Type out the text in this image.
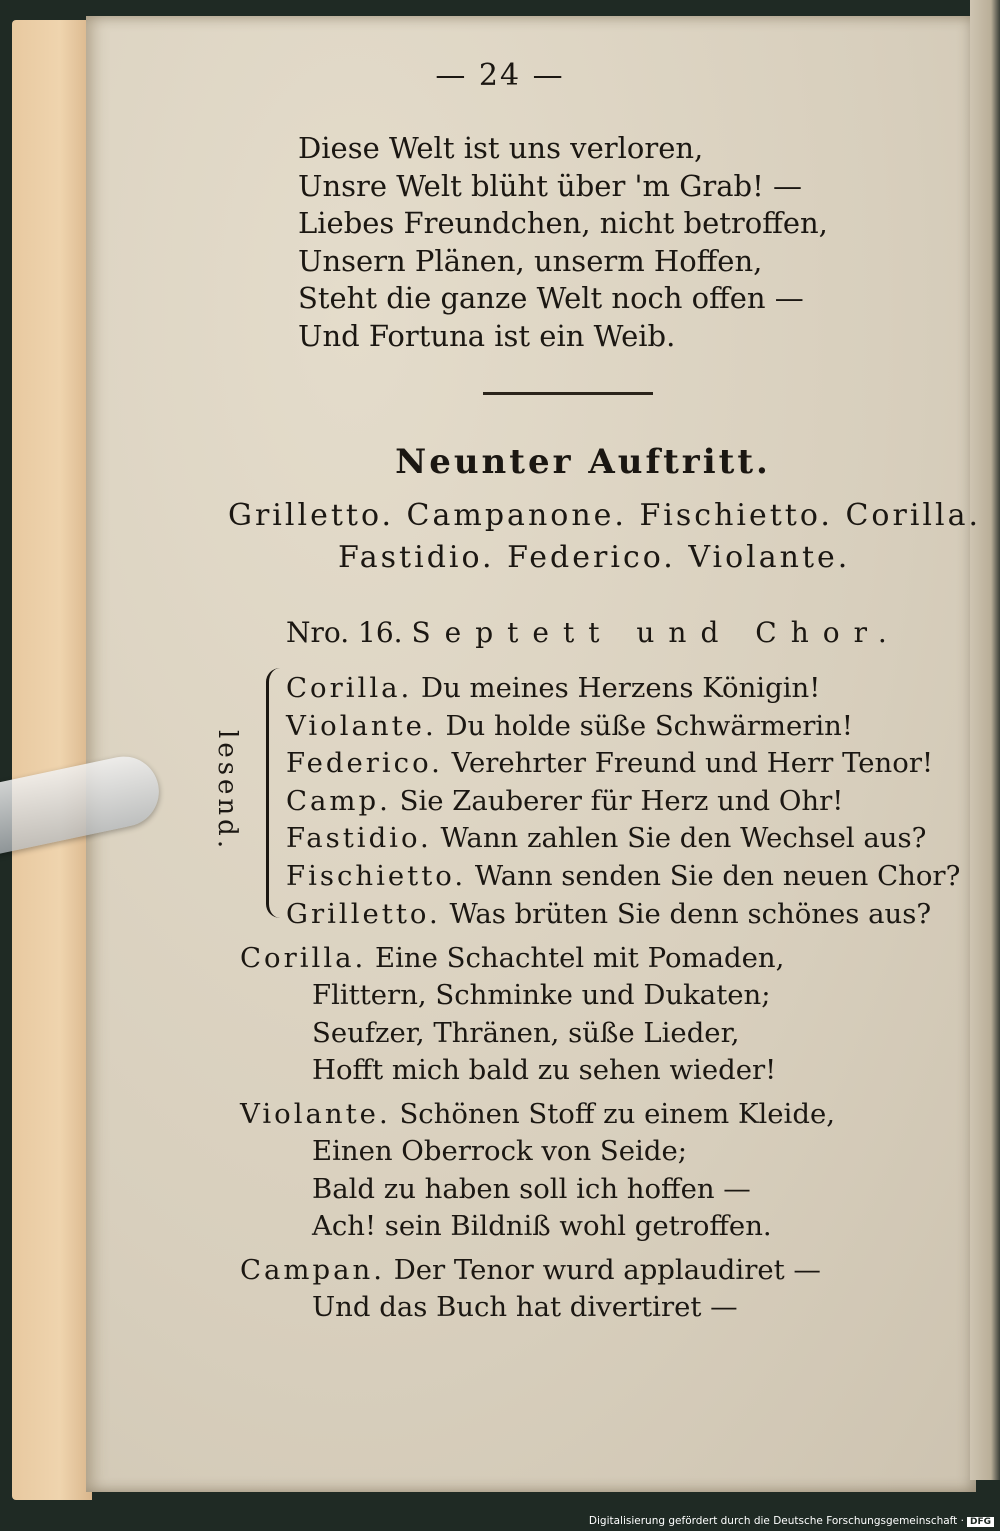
— 24 —
Diese Welt ist uns verloren,
Unsre Welt blüht über 'm Grab! —
Liebes Freundchen, nicht betroffen,
Unsern Plänen, unserm Hoffen,
Steht die ganze Welt noch offen —
Und Fortuna ist ein Weib.
Neunter Auftritt.
Grilletto. Campanone. Fischietto. Corilla.
Fastidio. Federico. Violante.
Nro. 16. Septett und Chor.
lesend.
Corilla. Du meines Herzens Königin!
Violante. Du holde süße Schwärmerin!
Federico. Verehrter Freund und Herr Tenor!
Camp. Sie Zauberer für Herz und Ohr!
Fastidio. Wann zahlen Sie den Wechsel aus?
Fischietto. Wann senden Sie den neuen Chor?
Grilletto. Was brüten Sie denn schönes aus?
Corilla. Eine Schachtel mit Pomaden,
Flittern, Schminke und Dukaten;
Seufzer, Thränen, süße Lieder,
Hofft mich bald zu sehen wieder!
Violante. Schönen Stoff zu einem Kleide,
Einen Oberrock von Seide;
Bald zu haben soll ich hoffen —
Ach! sein Bildniß wohl getroffen.
Campan. Der Tenor wurd applaudiret —
Und das Buch hat divertiret —
Digitalisierung gefördert durch die Deutsche Forschungsgemeinschaft · DFG
